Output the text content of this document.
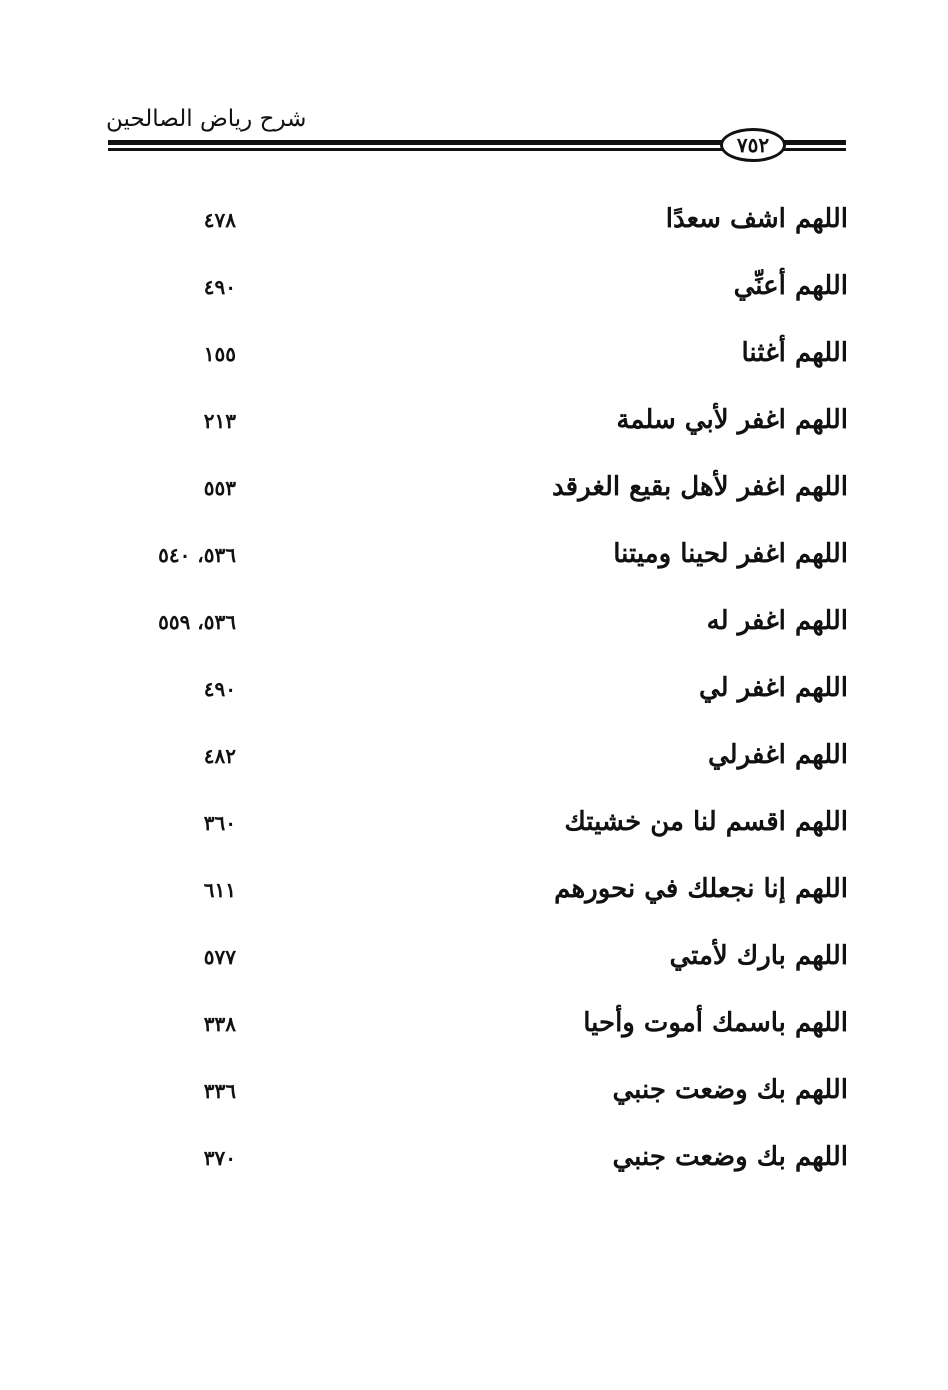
شرح رياض الصالحين
٧٥٢
اللهم اشف سعدًا
٤٧٨
اللهم أعنِّي
٤٩٠
اللهم أغثنا
١٥٥
اللهم اغفر لأبي سلمة
٢١٣
اللهم اغفر لأهل بقيع الغرقد
٥٥٣
اللهم اغفر لحينا وميتنا
٥٣٦، ٥٤٠
اللهم اغفر له
٥٣٦، ٥٥٩
اللهم اغفر لي
٤٩٠
اللهم اغفرلي
٤٨٢
اللهم اقسم لنا من خشيتك
٣٦٠
اللهم إنا نجعلك في نحورهم
٦١١
اللهم بارك لأمتي
٥٧٧
اللهم باسمك أموت وأحيا
٣٣٨
اللهم بك وضعت جنبي
٣٣٦
اللهم بك وضعت جنبي
٣٧٠
